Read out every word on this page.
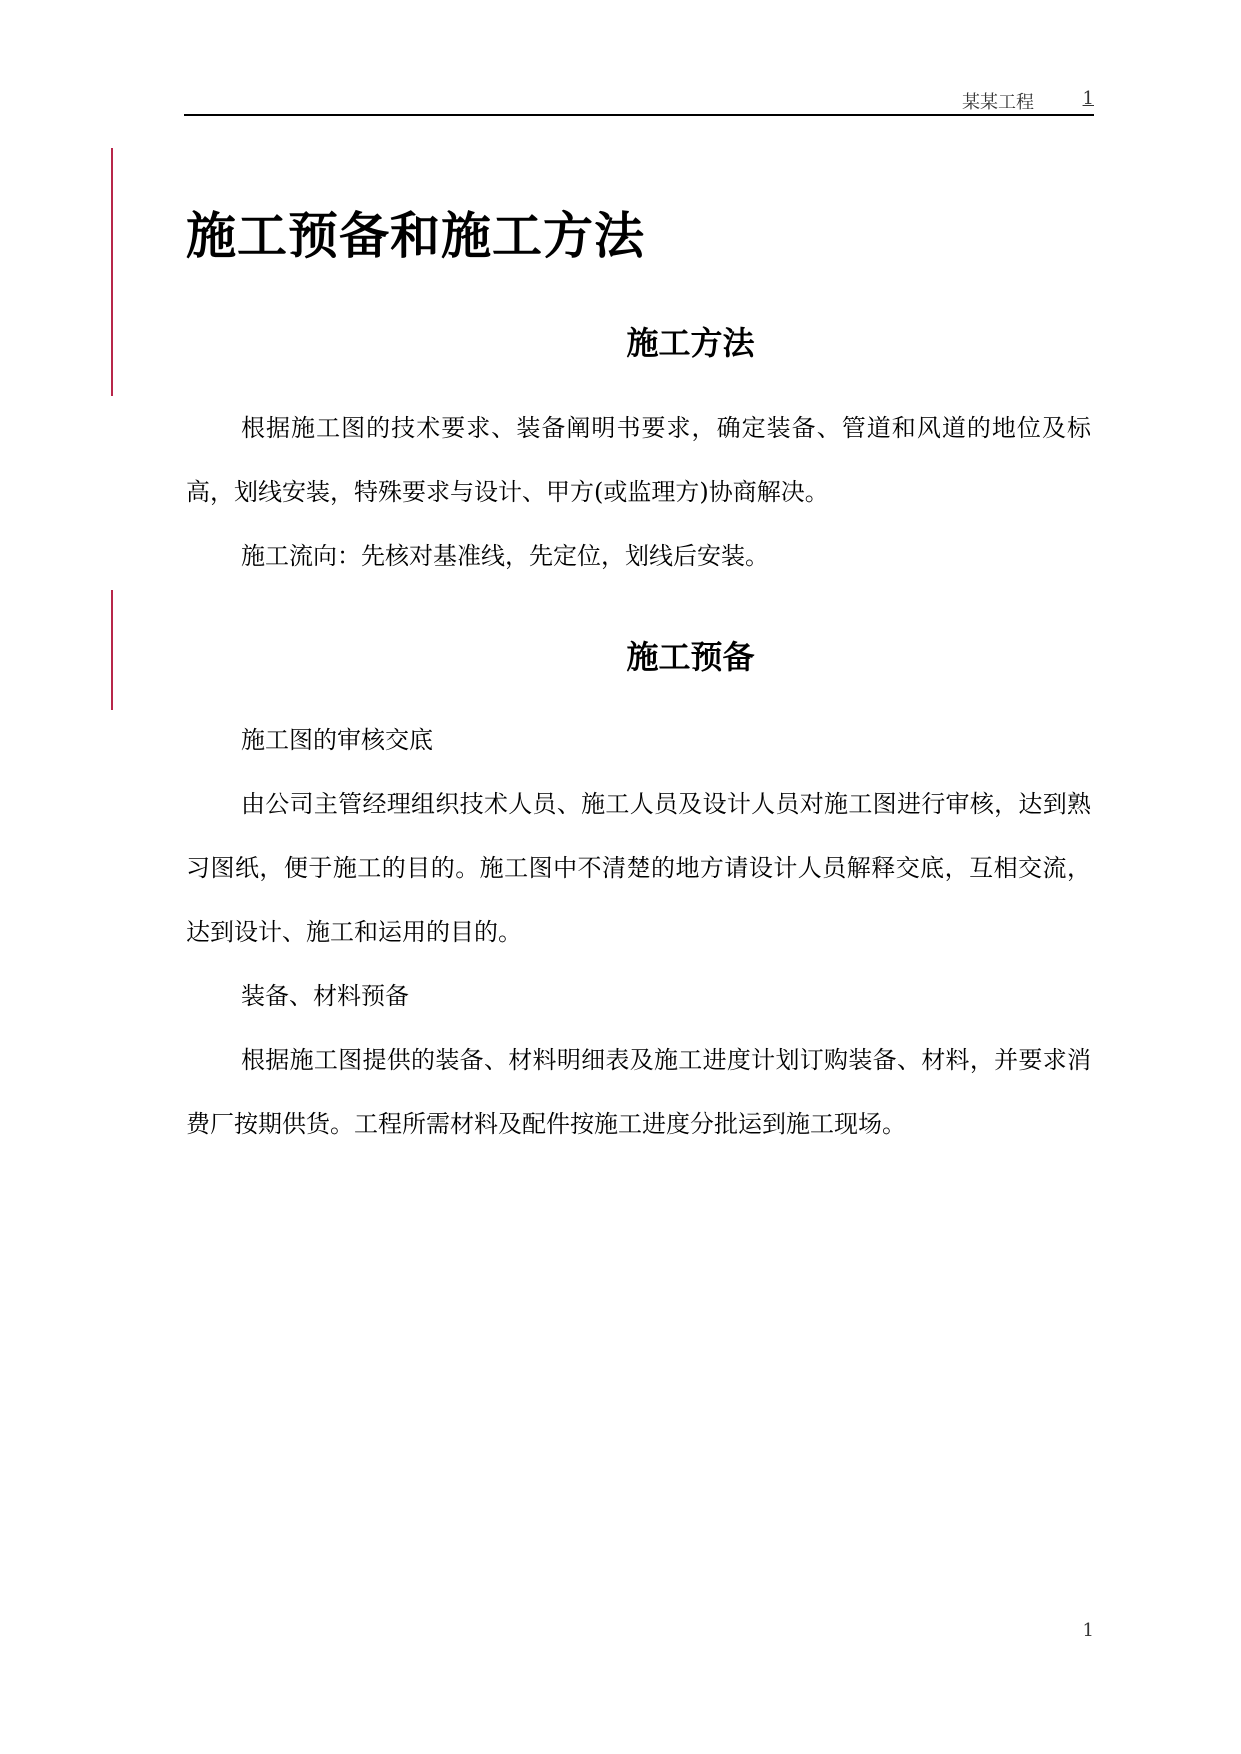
某某工程	1
施工预备和施工方法
施工方法

根据施工图的技术要求、装备阐明书要求，确定装备、管道和风道的地位及标高，划线安装，特殊要求与设计、甲方(或监理方)协商解决。

施工流向：先核对基准线，先定位，划线后安装。

施工预备

施工图的审核交底

由公司主管经理组织技术人员、施工人员及设计人员对施工图进行审核，达到熟习图纸，便于施工的目的。施工图中不清楚的地方请设计人员解释交底，互相交流，达到设计、施工和运用的目的。

装备、材料预备

根据施工图提供的装备、材料明细表及施工进度计划订购装备、材料，并要求消费厂按期供货。工程所需材料及配件按施工进度分批运到施工现场。

1
